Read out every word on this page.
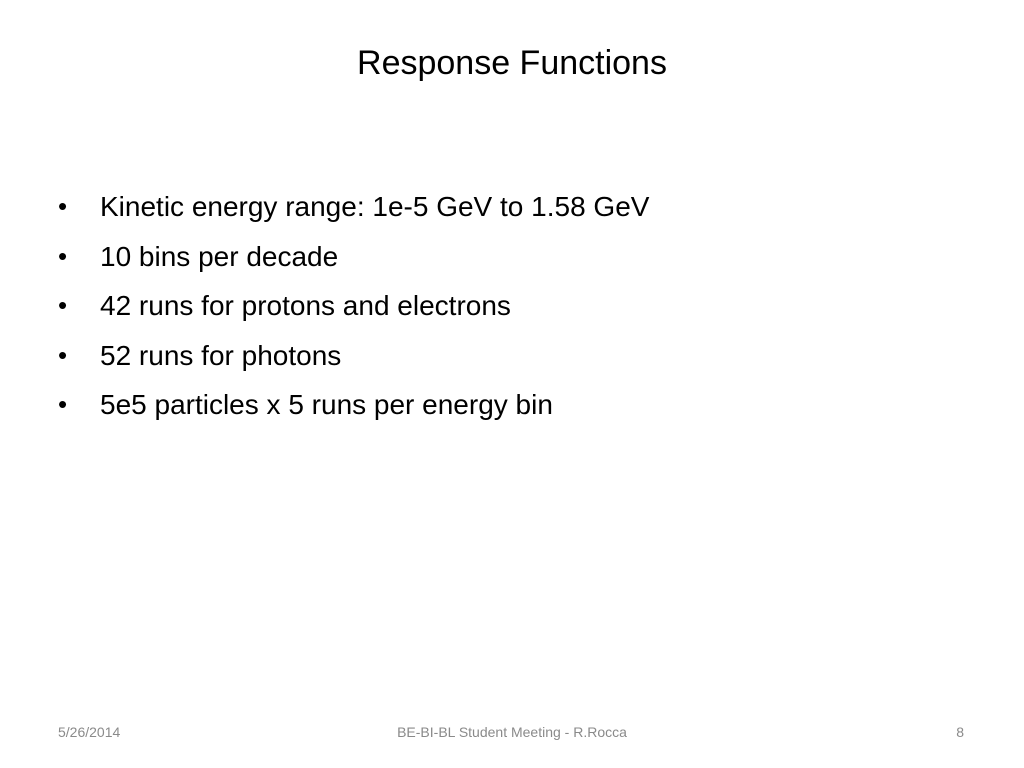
Response Functions
•	Kinetic energy range: 1e-5 GeV to 1.58 GeV
•	10 bins per decade
•	42 runs for protons and electrons
•	52 runs for photons
•	5e5 particles x 5 runs per energy bin
5/26/2014	BE-BI-BL Student Meeting - R.Rocca	8
